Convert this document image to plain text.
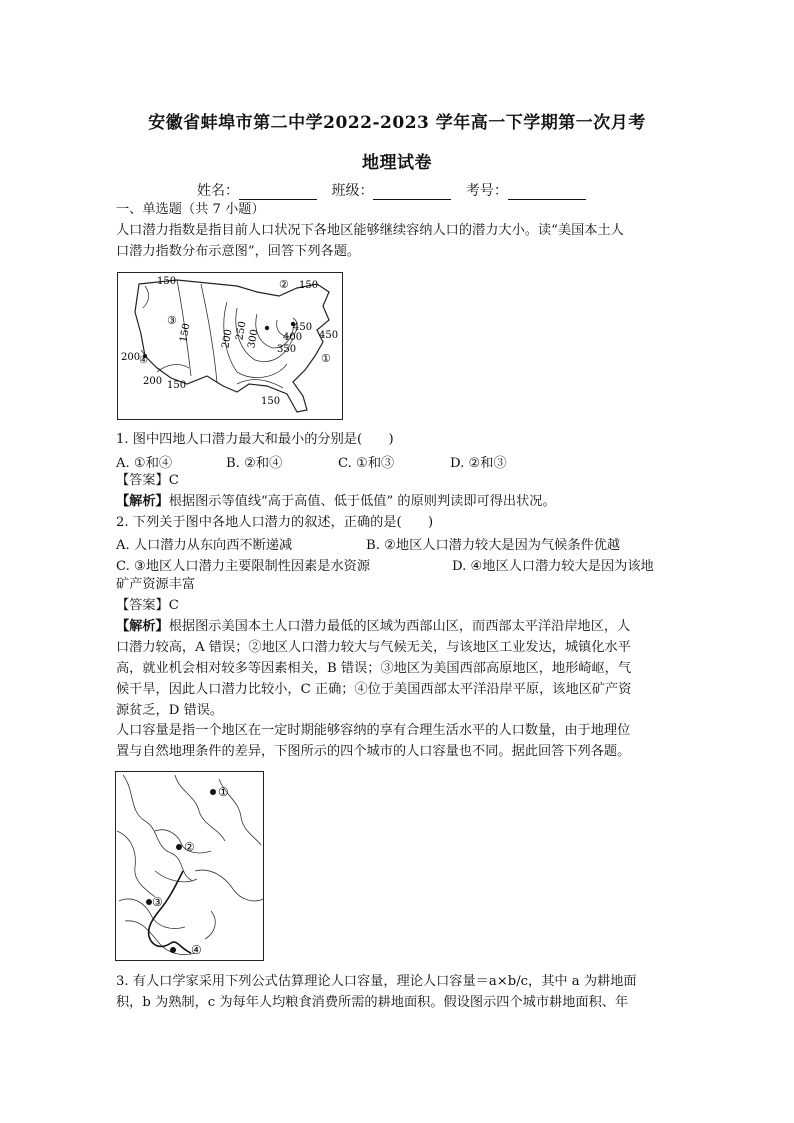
安徽省蚌埠市第二中学2022-2023 学年高一下学期第一次月考
地理试卷
姓名：	班级：	考号：
一、单选题（共 7 小题）
人口潜力指数是指目前人口状况下各地区能够继续容纳人口的潜力大小。读“美国本土人
口潜力指数分布示意图”，回答下列各题。
150	② 150
③
150	200 250
300
450
400 450
350
①
200
④
200 150
150
1. 图中四地人口潜力最大和最小的分别是(　　)
A. ①和④	B. ②和④	C. ①和③	D. ②和③
【答案】C
【解析】根据图示等值线“高于高值、低于低值” 的原则判读即可得出状况。
2. 下列关于图中各地人口潜力的叙述，正确的是(　　)
A. 人口潜力从东向西不断递减	B. ②地区人口潜力较大是因为气候条件优越
C. ③地区人口潜力主要限制性因素是水资源	D. ④地区人口潜力较大是因为该地
矿产资源丰富
【答案】C
【解析】根据图示美国本土人口潜力最低的区域为西部山区，而西部太平洋沿岸地区，人
口潜力较高，A 错误；②地区人口潜力较大与气候无关，与该地区工业发达，城镇化水平
高，就业机会相对较多等因素相关，B 错误；③地区为美国西部高原地区，地形崎岖，气
候干旱，因此人口潜力比较小，C 正确；④位于美国西部太平洋沿岸平原，该地区矿产资
源贫乏，D 错误。
人口容量是指一个地区在一定时期能够容纳的享有合理生活水平的人口数量，由于地理位
置与自然地理条件的差异，下图所示的四个城市的人口容量也不同。据此回答下列各题。
①
②
③
④
3. 有人口学家采用下列公式估算理论人口容量，理论人口容量＝a×b/c，其中 a 为耕地面
积，b 为熟制，c 为每年人均粮食消费所需的耕地面积。假设图示四个城市耕地面积、年
